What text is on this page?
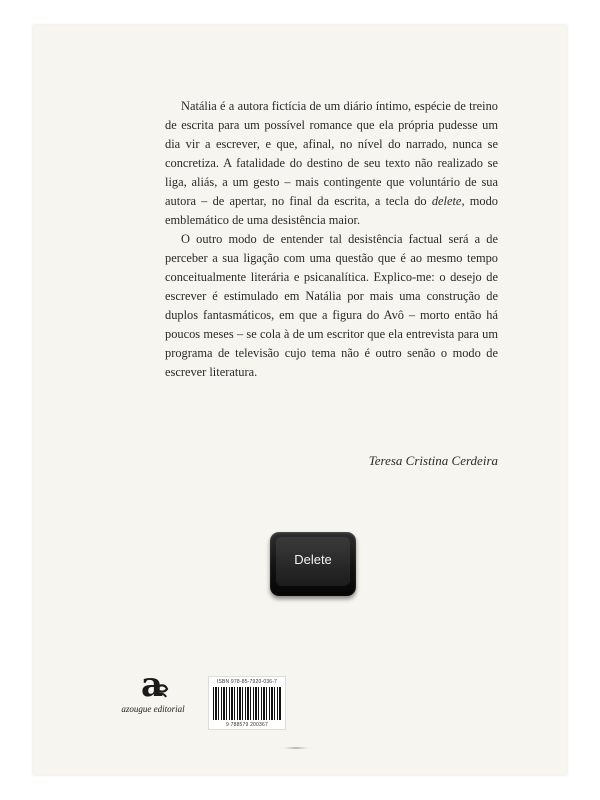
Natália é a autora fictícia de um diário íntimo, espécie de treino de escrita para um possível romance que ela própria pudesse um dia vir a escrever, e que, afinal, no nível do narrado, nunca se concretiza. A fatalidade do destino de seu texto não realizado se liga, aliás, a um gesto – mais contingente que voluntário de sua autora – de apertar, no final da escrita, a tecla do delete, modo emblemático de uma desistência maior.

O outro modo de entender tal desistência factual será a de perceber a sua ligação com uma questão que é ao mesmo tempo conceitualmente literária e psicanalítica. Explico-me: o desejo de escrever é estimulado em Natália por mais uma construção de duplos fantasmáticos, em que a figura do Avô – morto então há poucos meses – se cola à de um escritor que ela entrevista para um programa de televisão cujo tema não é outro senão o modo de escrever literatura.

Teresa Cristina Cerdeira
Delete
a
azougue editorial
ISBN 978-85-7920-036-7
9 788579 200367
